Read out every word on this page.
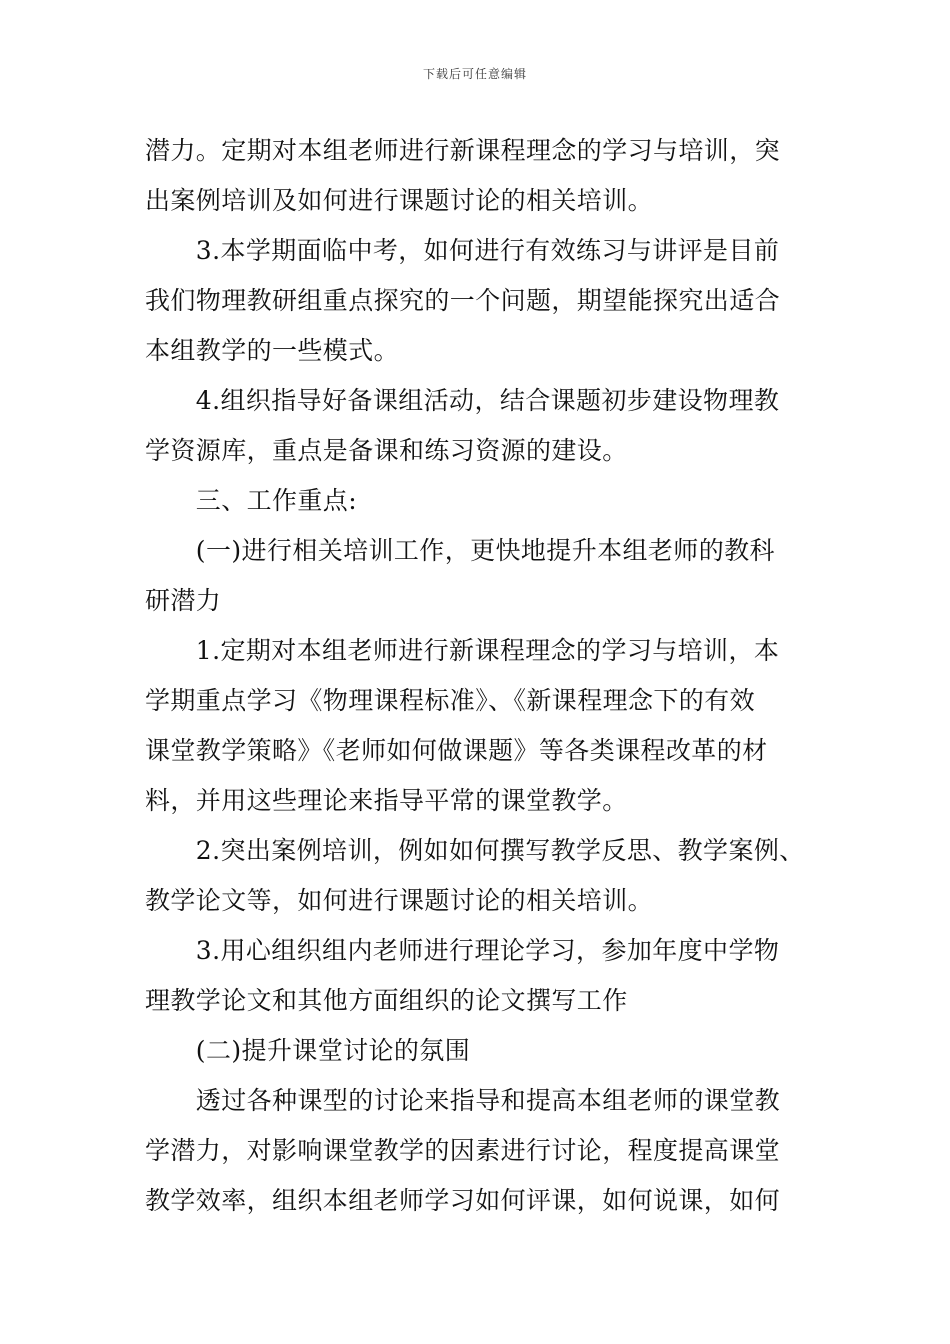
下载后可任意编辑

潜力。定期对本组老师进行新课程理念的学习与培训，突
出案例培训及如何进行课题讨论的相关培训。

　　3.本学期面临中考，如何进行有效练习与讲评是目前
我们物理教研组重点探究的一个问题，期望能探究出适合
本组教学的一些模式。

　　4.组织指导好备课组活动，结合课题初步建设物理教
学资源库，重点是备课和练习资源的建设。

　　三、工作重点:

　　(一)进行相关培训工作，更快地提升本组老师的教科
研潜力

　　1.定期对本组老师进行新课程理念的学习与培训，本
学期重点学习《物理课程标准》、《新课程理念下的有效
课堂教学策略》《老师如何做课题》等各类课程改革的材
料，并用这些理论来指导平常的课堂教学。

　　2.突出案例培训，例如如何撰写教学反思、教学案例、
教学论文等，如何进行课题讨论的相关培训。

　　3.用心组织组内老师进行理论学习，参加年度中学物
理教学论文和其他方面组织的论文撰写工作

　　(二)提升课堂讨论的氛围

　　透过各种课型的讨论来指导和提高本组老师的课堂教
学潜力，对影响课堂教学的因素进行讨论，程度提高课堂
教学效率，组织本组老师学习如何评课，如何说课，如何
